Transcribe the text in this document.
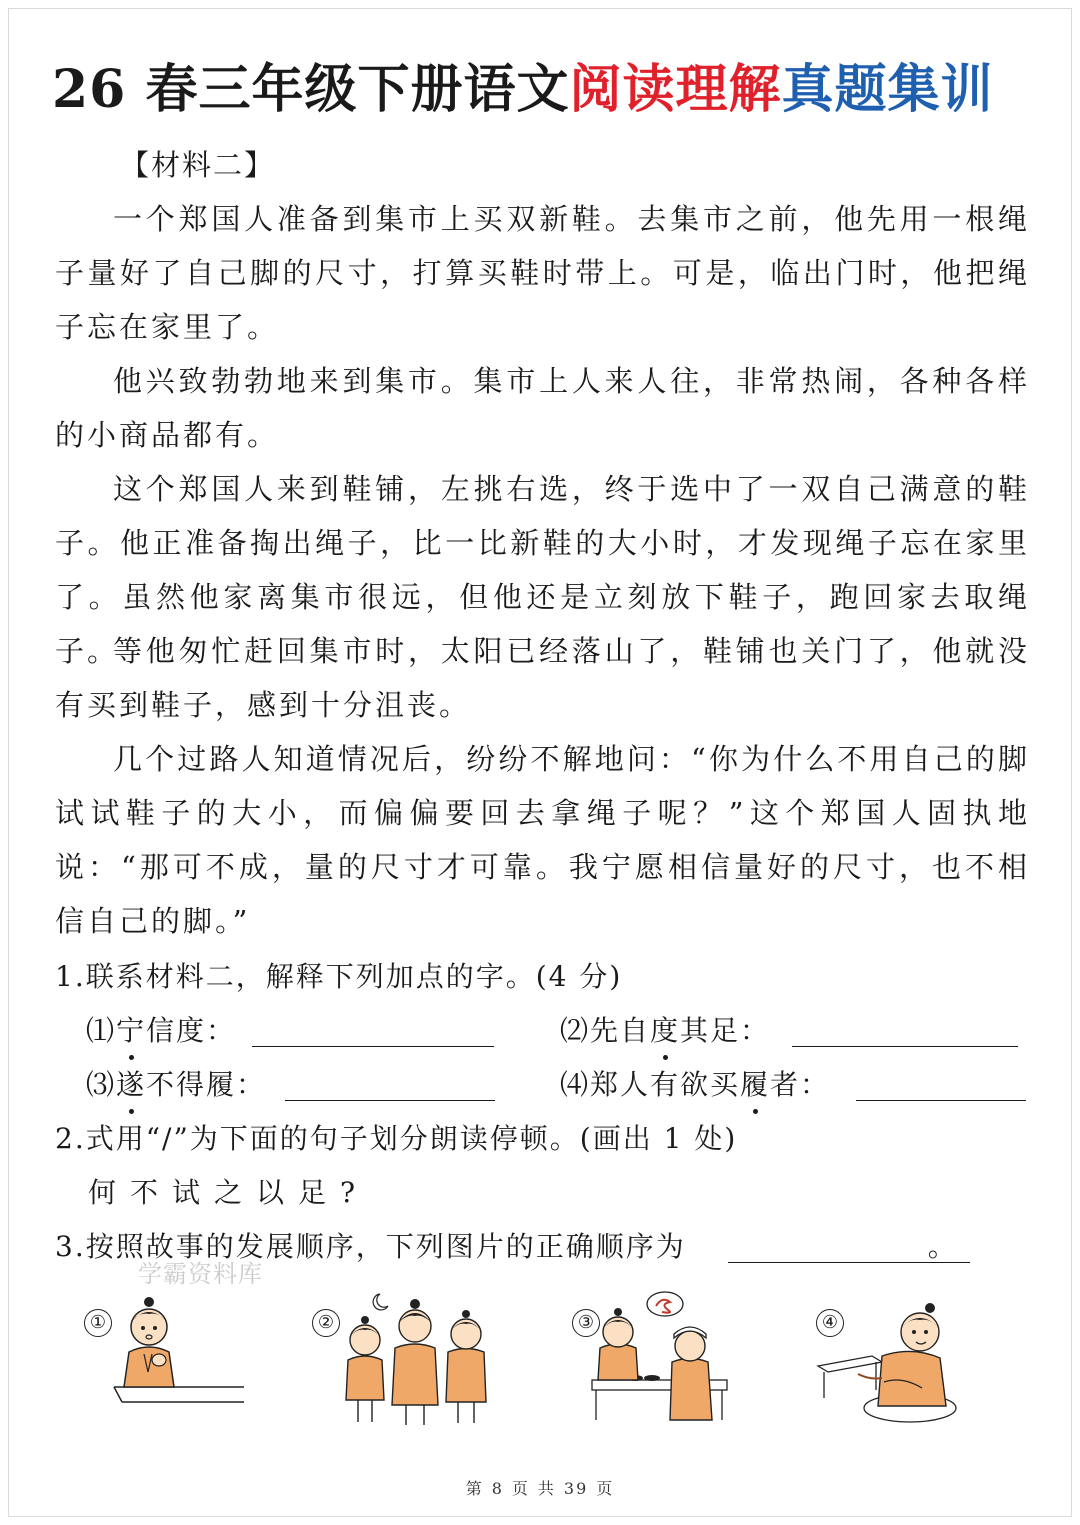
26 春三年级下册语文阅读理解真题集训
【材料二】
一个郑国人准备到集市上买双新鞋。去集市之前，他先用一根绳子量好了自己脚的尺寸，打算买鞋时带上。可是，临出门时，他把绳子忘在家里了。
他兴致勃勃地来到集市。集市上人来人往，非常热闹，各种各样的小商品都有。
这个郑国人来到鞋铺，左挑右选，终于选中了一双自己满意的鞋子。他正准备掏出绳子，比一比新鞋的大小时，才发现绳子忘在家里了。虽然他家离集市很远，但他还是立刻放下鞋子，跑回家去取绳子。
等他匆忙赶回集市时，太阳已经落山了，鞋铺也关门了，他就没有买到鞋子，感到十分沮丧。
几个过路人知道情况后，纷纷不解地问：“你为什么不用自己的脚试试鞋子的大小，而偏偏要回去拿绳子呢？”这个郑国人固执地说：“那可不成，量的尺寸才可靠。我宁愿相信量好的尺寸，也不相信自己的脚。”
1.联系材料二，解释下列加点的字。(4 分)
⑴宁信度：	⑵先自度其足：
⑶遂不得履：	⑷郑人有欲买履者：
2.式用“/”为下面的句子划分朗读停顿。(画出 1 处)
何不试之以足?
3.按照故事的发展顺序，下列图片的正确顺序为	。
学霸资料库
①	②	③	④
第 8 页 共 39 页
